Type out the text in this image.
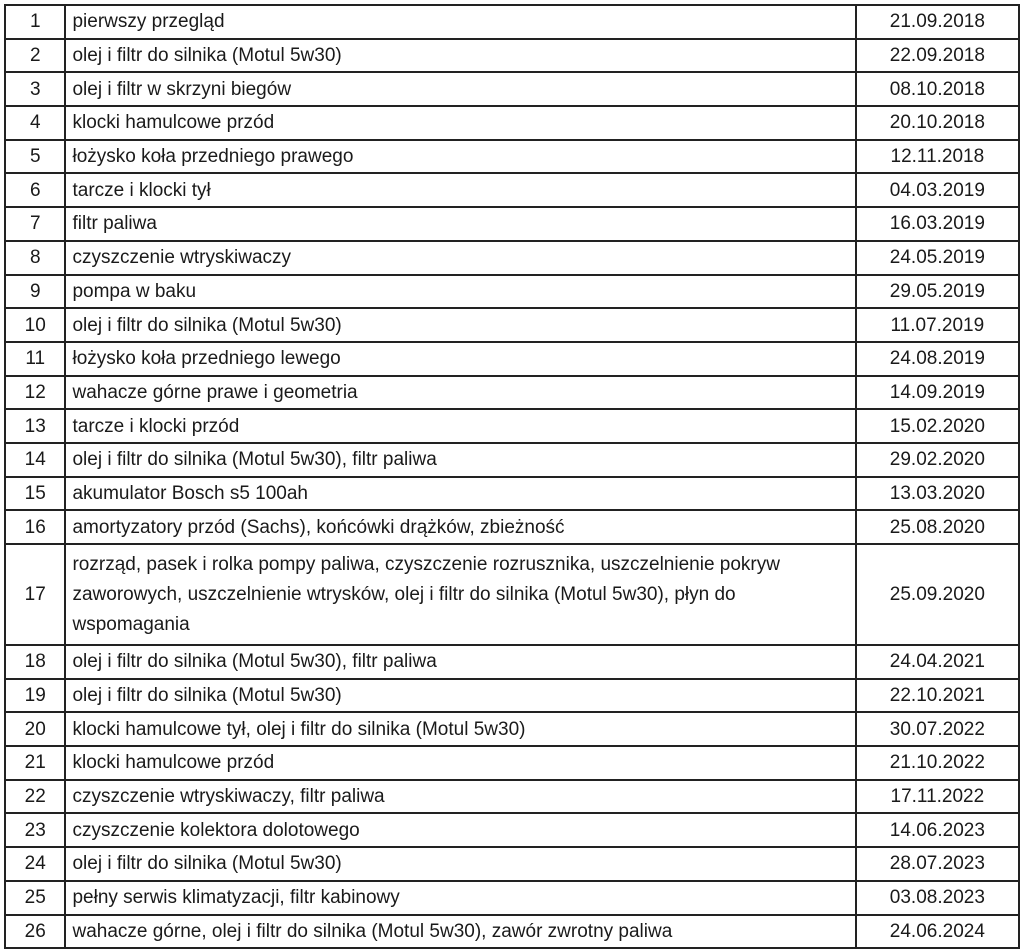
1	pierwszy przegląd	21.09.2018
2	olej i filtr do silnika (Motul 5w30)	22.09.2018
3	olej i filtr w skrzyni biegów	08.10.2018
4	klocki hamulcowe przód	20.10.2018
5	łożysko koła przedniego prawego	12.11.2018
6	tarcze i klocki tył	04.03.2019
7	filtr paliwa	16.03.2019
8	czyszczenie wtryskiwaczy	24.05.2019
9	pompa w baku	29.05.2019
10	olej i filtr do silnika (Motul 5w30)	11.07.2019
11	łożysko koła przedniego lewego	24.08.2019
12	wahacze górne prawe i geometria	14.09.2019
13	tarcze i klocki przód	15.02.2020
14	olej i filtr do silnika (Motul 5w30), filtr paliwa	29.02.2020
15	akumulator Bosch s5 100ah	13.03.2020
16	amortyzatory przód (Sachs), końcówki drążków, zbieżność	25.08.2020
17	rozrząd, pasek i rolka pompy paliwa, czyszczenie rozrusznika, uszczelnienie pokryw zaworowych, uszczelnienie wtrysków, olej i filtr do silnika (Motul 5w30), płyn do wspomagania	25.09.2020
18	olej i filtr do silnika (Motul 5w30), filtr paliwa	24.04.2021
19	olej i filtr do silnika (Motul 5w30)	22.10.2021
20	klocki hamulcowe tył, olej i filtr do silnika (Motul 5w30)	30.07.2022
21	klocki hamulcowe przód	21.10.2022
22	czyszczenie wtryskiwaczy, filtr paliwa	17.11.2022
23	czyszczenie kolektora dolotowego	14.06.2023
24	olej i filtr do silnika (Motul 5w30)	28.07.2023
25	pełny serwis klimatyzacji, filtr kabinowy	03.08.2023
26	wahacze górne, olej i filtr do silnika (Motul 5w30), zawór zwrotny paliwa	24.06.2024
